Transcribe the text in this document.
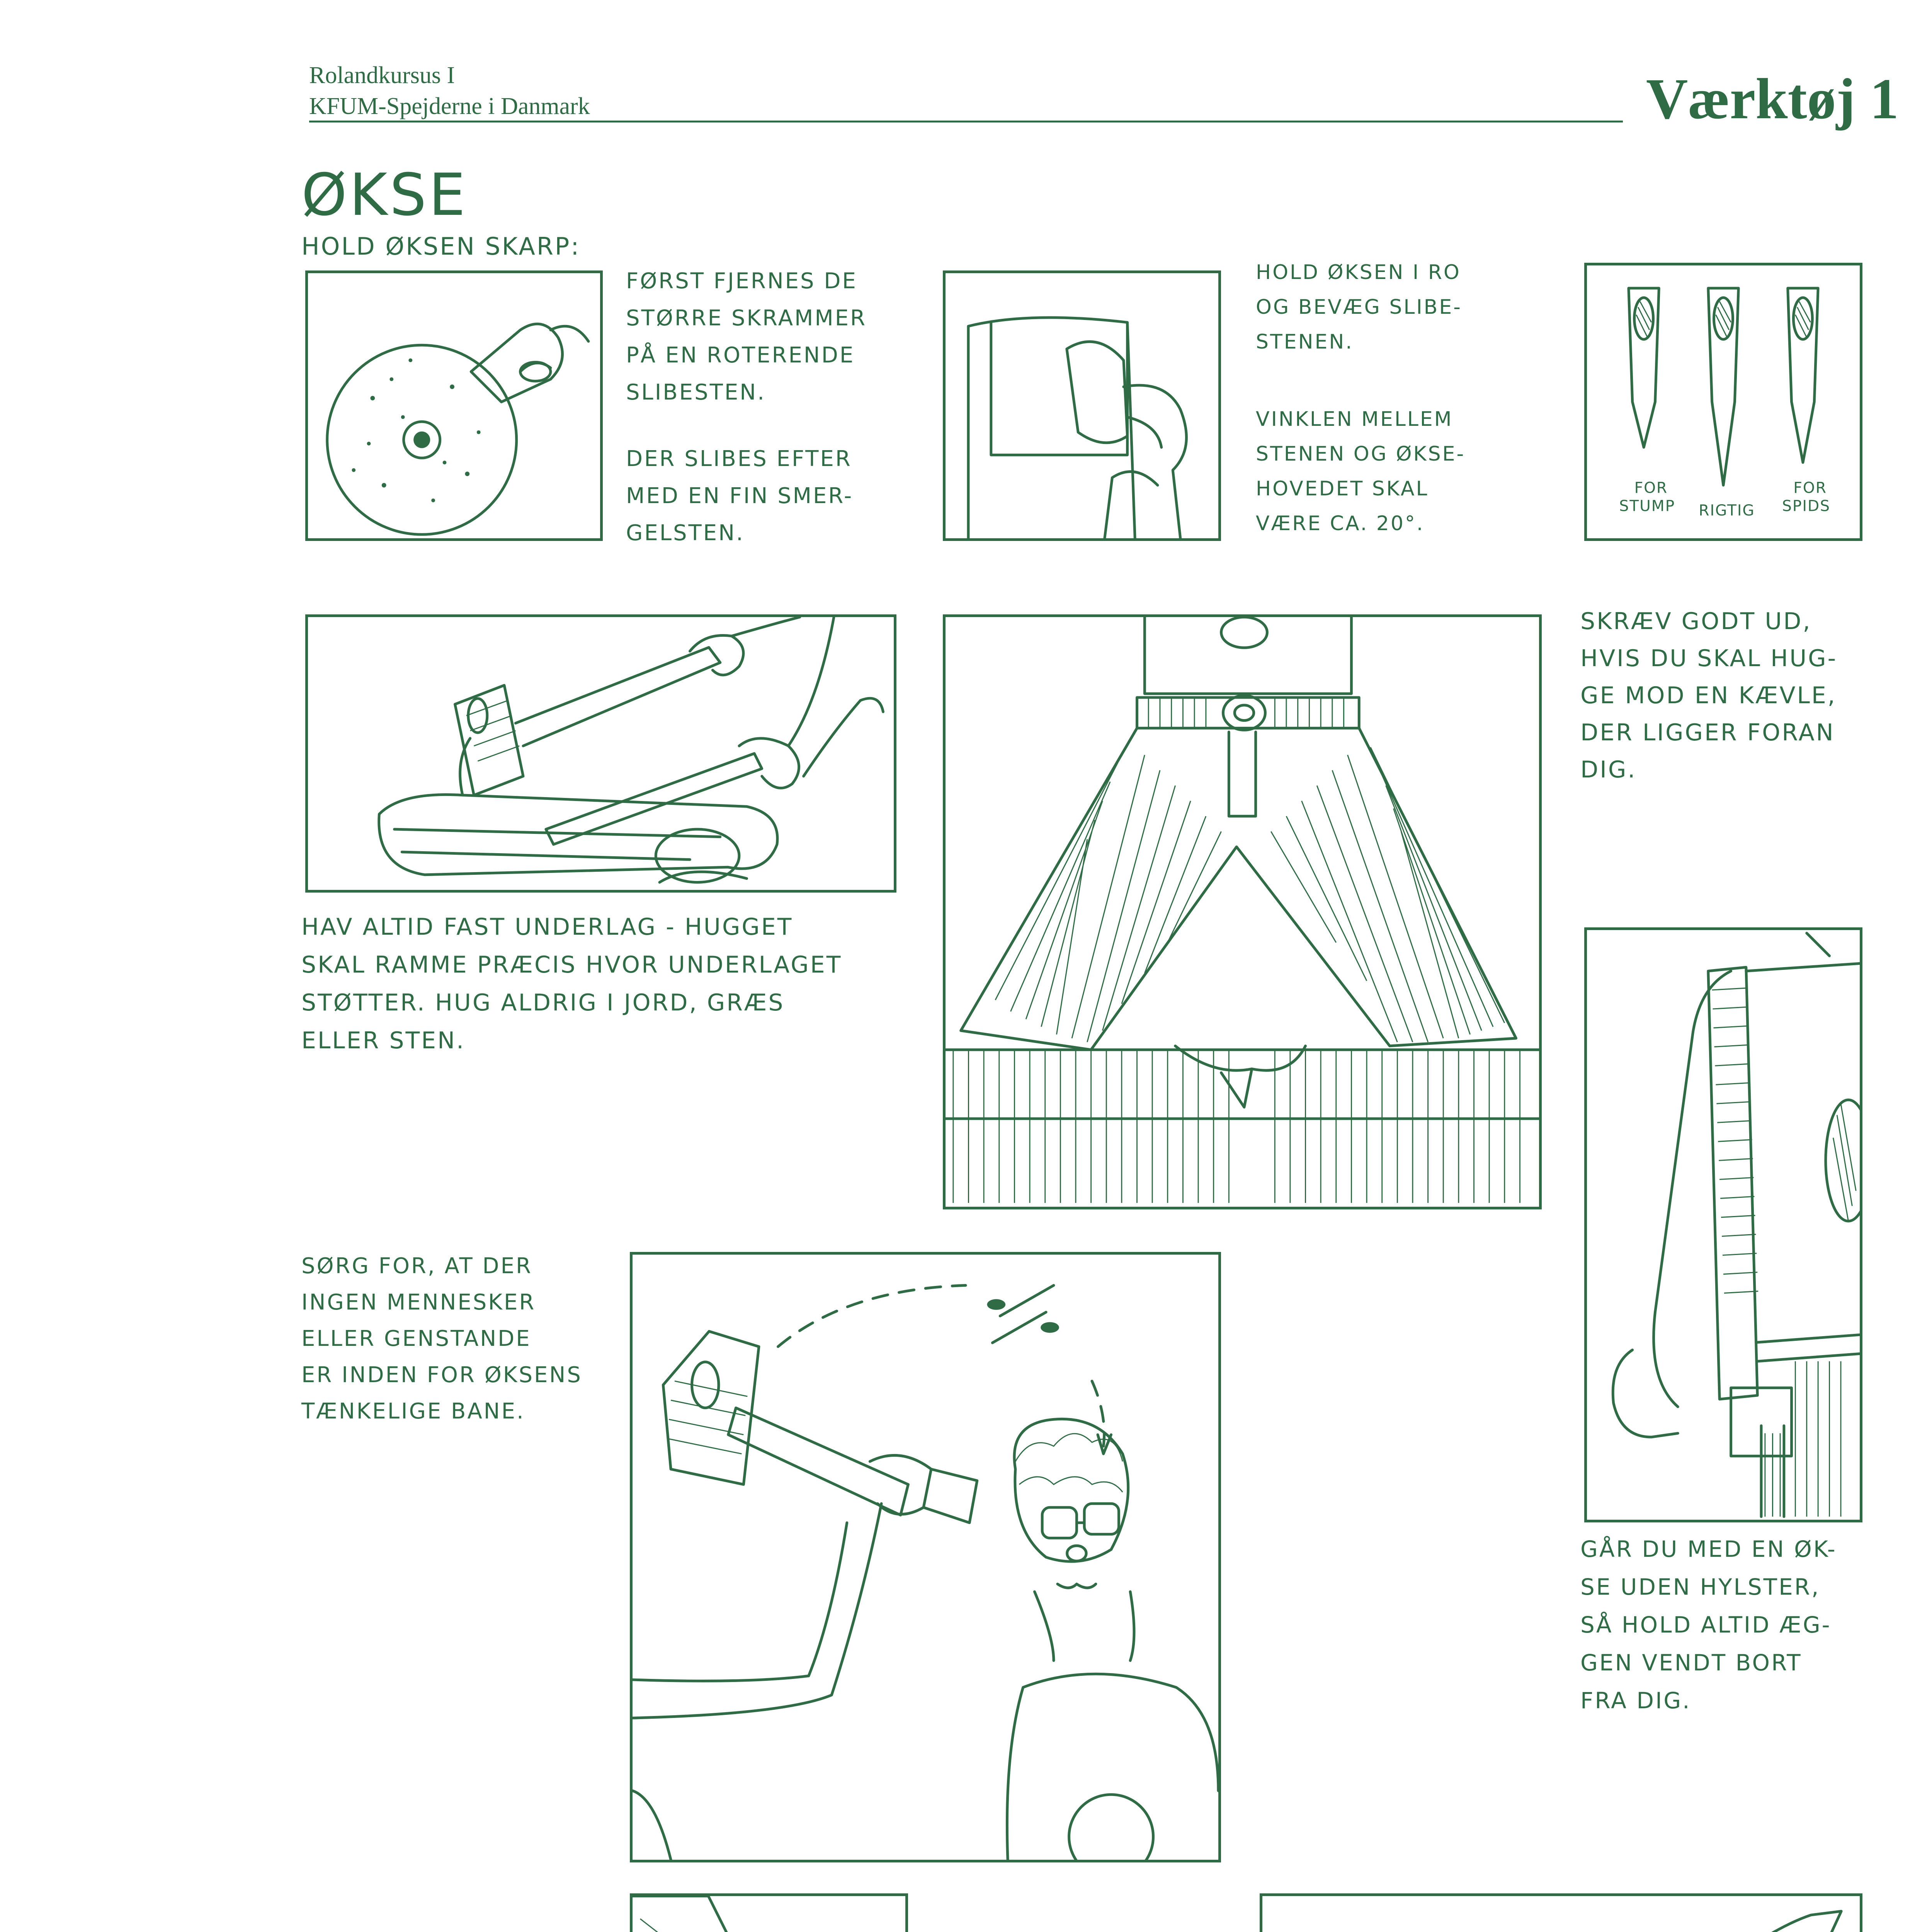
Rolandkursus I
KFUM-Spejderne i Danmark	Værktøj 1
ØKSE
HOLD ØKSEN SKARP:
FØRST FJERNES DE
STØRRE SKRAMMER
PÅ EN ROTERENDE
SLIBESTEN.
DER SLIBES EFTER
MED EN FIN SMER-
GELSTEN.
HOLD ØKSEN I RO
OG BEVÆG SLIBE-
STENEN.
VINKLEN MELLEM
STENEN OG ØKSE-
HOVEDET SKAL
VÆRE CA. 20°.
FOR STUMP RIGTIG
FOR SPIDS
HAV ALTID FAST UNDERLAG - HUGGET
SKAL RAMME PRÆCIS HVOR UNDERLAGET
STØTTER. HUG ALDRIG I JORD, GRÆS
ELLER STEN.
SKRÆV GODT UD,
HVIS DU SKAL HUG-
GE MOD EN KÆVLE,
DER LIGGER FORAN
DIG.
GÅR DU MED EN ØK-
SE UDEN HYLSTER,
SÅ HOLD ALTID ÆG-
GEN VENDT BORT
FRA DIG.
SØRG FOR, AT DER
INGEN MENNESKER
ELLER GENSTANDE
ER INDEN FOR ØKSENS
TÆNKELIGE BANE.
